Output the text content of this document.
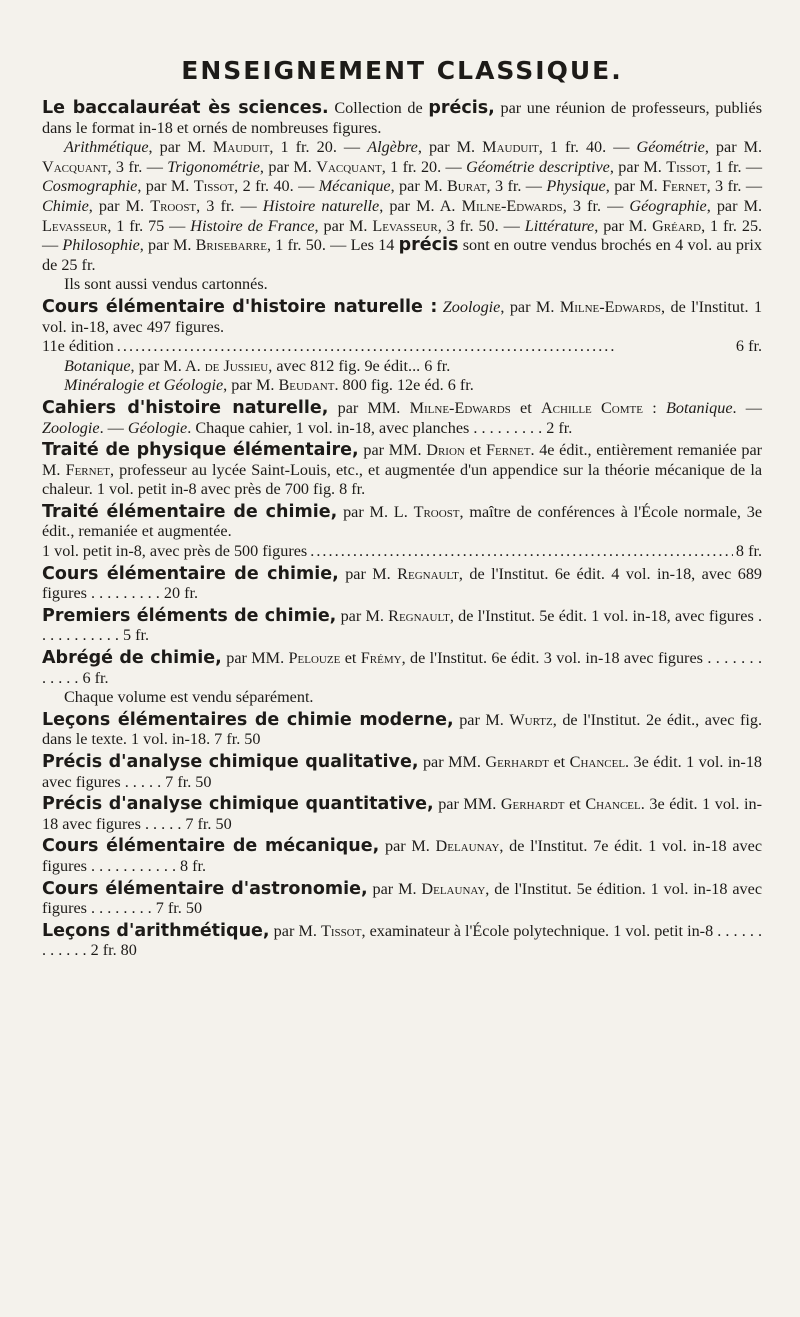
ENSEIGNEMENT CLASSIQUE.
Le baccalauréat ès sciences. Collection de précis, par une réunion de professeurs, publiés dans le format in-18 et ornés de nombreuses figures.
Arithmétique, par M. Mauduit, 1 fr. 20. — Algèbre, par M. Mauduit, 1 fr. 40. — Géométrie, par M. Vacquant, 3 fr. — Trigonométrie, par M. Vacquant, 1 fr. 20. — Géométrie descriptive, par M. Tissot, 1 fr. — Cosmographie, par M. Tissot, 2 fr. 40. — Mécanique, par M. Burat, 3 fr. — Physique, par M. Fernet, 3 fr. — Chimie, par M. Troost, 3 fr. — Histoire naturelle, par M. A. Milne-Edwards, 3 fr. — Géographie, par M. Levasseur, 1 fr. 75 — Histoire de France, par M. Levasseur, 3 fr. 50. — Littérature, par M. Gréard, 1 fr. 25. — Philosophie, par M. Brisebarre, 1 fr. 50. — Les 14 précis sont en outre vendus brochés en 4 vol. au prix de 25 fr.
Ils sont aussi vendus cartonnés.
Cours élémentaire d'histoire naturelle : Zoologie, par M. Milne-Edwards, de l'Institut. 1 vol. in-18, avec 497 figures.
11e édition . . .	6 fr.
Botanique, par M. A. de Jussieu, avec 812 fig. 9e édit... 6 fr.
Minéralogie et Géologie, par M. Beudant. 800 fig. 12e éd. 6 fr.
Cahiers d'histoire naturelle, par MM. Milne-Edwards et Achille Comte : Botanique. — Zoologie. — Géologie. Chaque cahier, 1 vol. in-18, avec planches . . . . . . . . . 2 fr.
Traité de physique élémentaire, par MM. Drion et Fernet. 4e édit., entièrement remaniée par M. Fernet, professeur au lycée Saint-Louis, etc., et augmentée d'un appendice sur la théorie mécanique de la chaleur. 1 vol. petit in-8 avec près de 700 fig. 8 fr.
Traité élémentaire de chimie, par M. L. Troost, maître de conférences à l'École normale, 3e édit., remaniée et augmentée.
1 vol. petit in-8, avec près de 500 figures . . .	8 fr.
Cours élémentaire de chimie, par M. Regnault, de l'Institut. 6e édit. 4 vol. in-18, avec 689 figures . . . . . . . . . 20 fr.
Premiers éléments de chimie, par M. Regnault, de l'Institut. 5e édit. 1 vol. in-18, avec figures . . . . . . . . . . . 5 fr.
Abrégé de chimie, par MM. Pelouze et Frémy, de l'Institut. 6e édit. 3 vol. in-18 avec figures . . . . . . . . . . . . 6 fr.
Chaque volume est vendu séparément.
Leçons élémentaires de chimie moderne, par M. Wurtz, de l'Institut. 2e édit., avec fig. dans le texte. 1 vol. in-18. 7 fr. 50
Précis d'analyse chimique qualitative, par MM. Gerhardt et Chancel. 3e édit. 1 vol. in-18 avec figures . . . . . 7 fr. 50
Précis d'analyse chimique quantitative, par MM. Gerhardt et Chancel. 3e édit. 1 vol. in-18 avec figures . . . . . 7 fr. 50
Cours élémentaire de mécanique, par M. Delaunay, de l'Institut. 7e édit. 1 vol. in-18 avec figures . . . . . . . . . . . 8 fr.
Cours élémentaire d'astronomie, par M. Delaunay, de l'Institut. 5e édition. 1 vol. in-18 avec figures . . . . . . . . 7 fr. 50
Leçons d'arithmétique, par M. Tissot, examinateur à l'École polytechnique. 1 vol. petit in-8 . . . . . . . . . . . . 2 fr. 80
